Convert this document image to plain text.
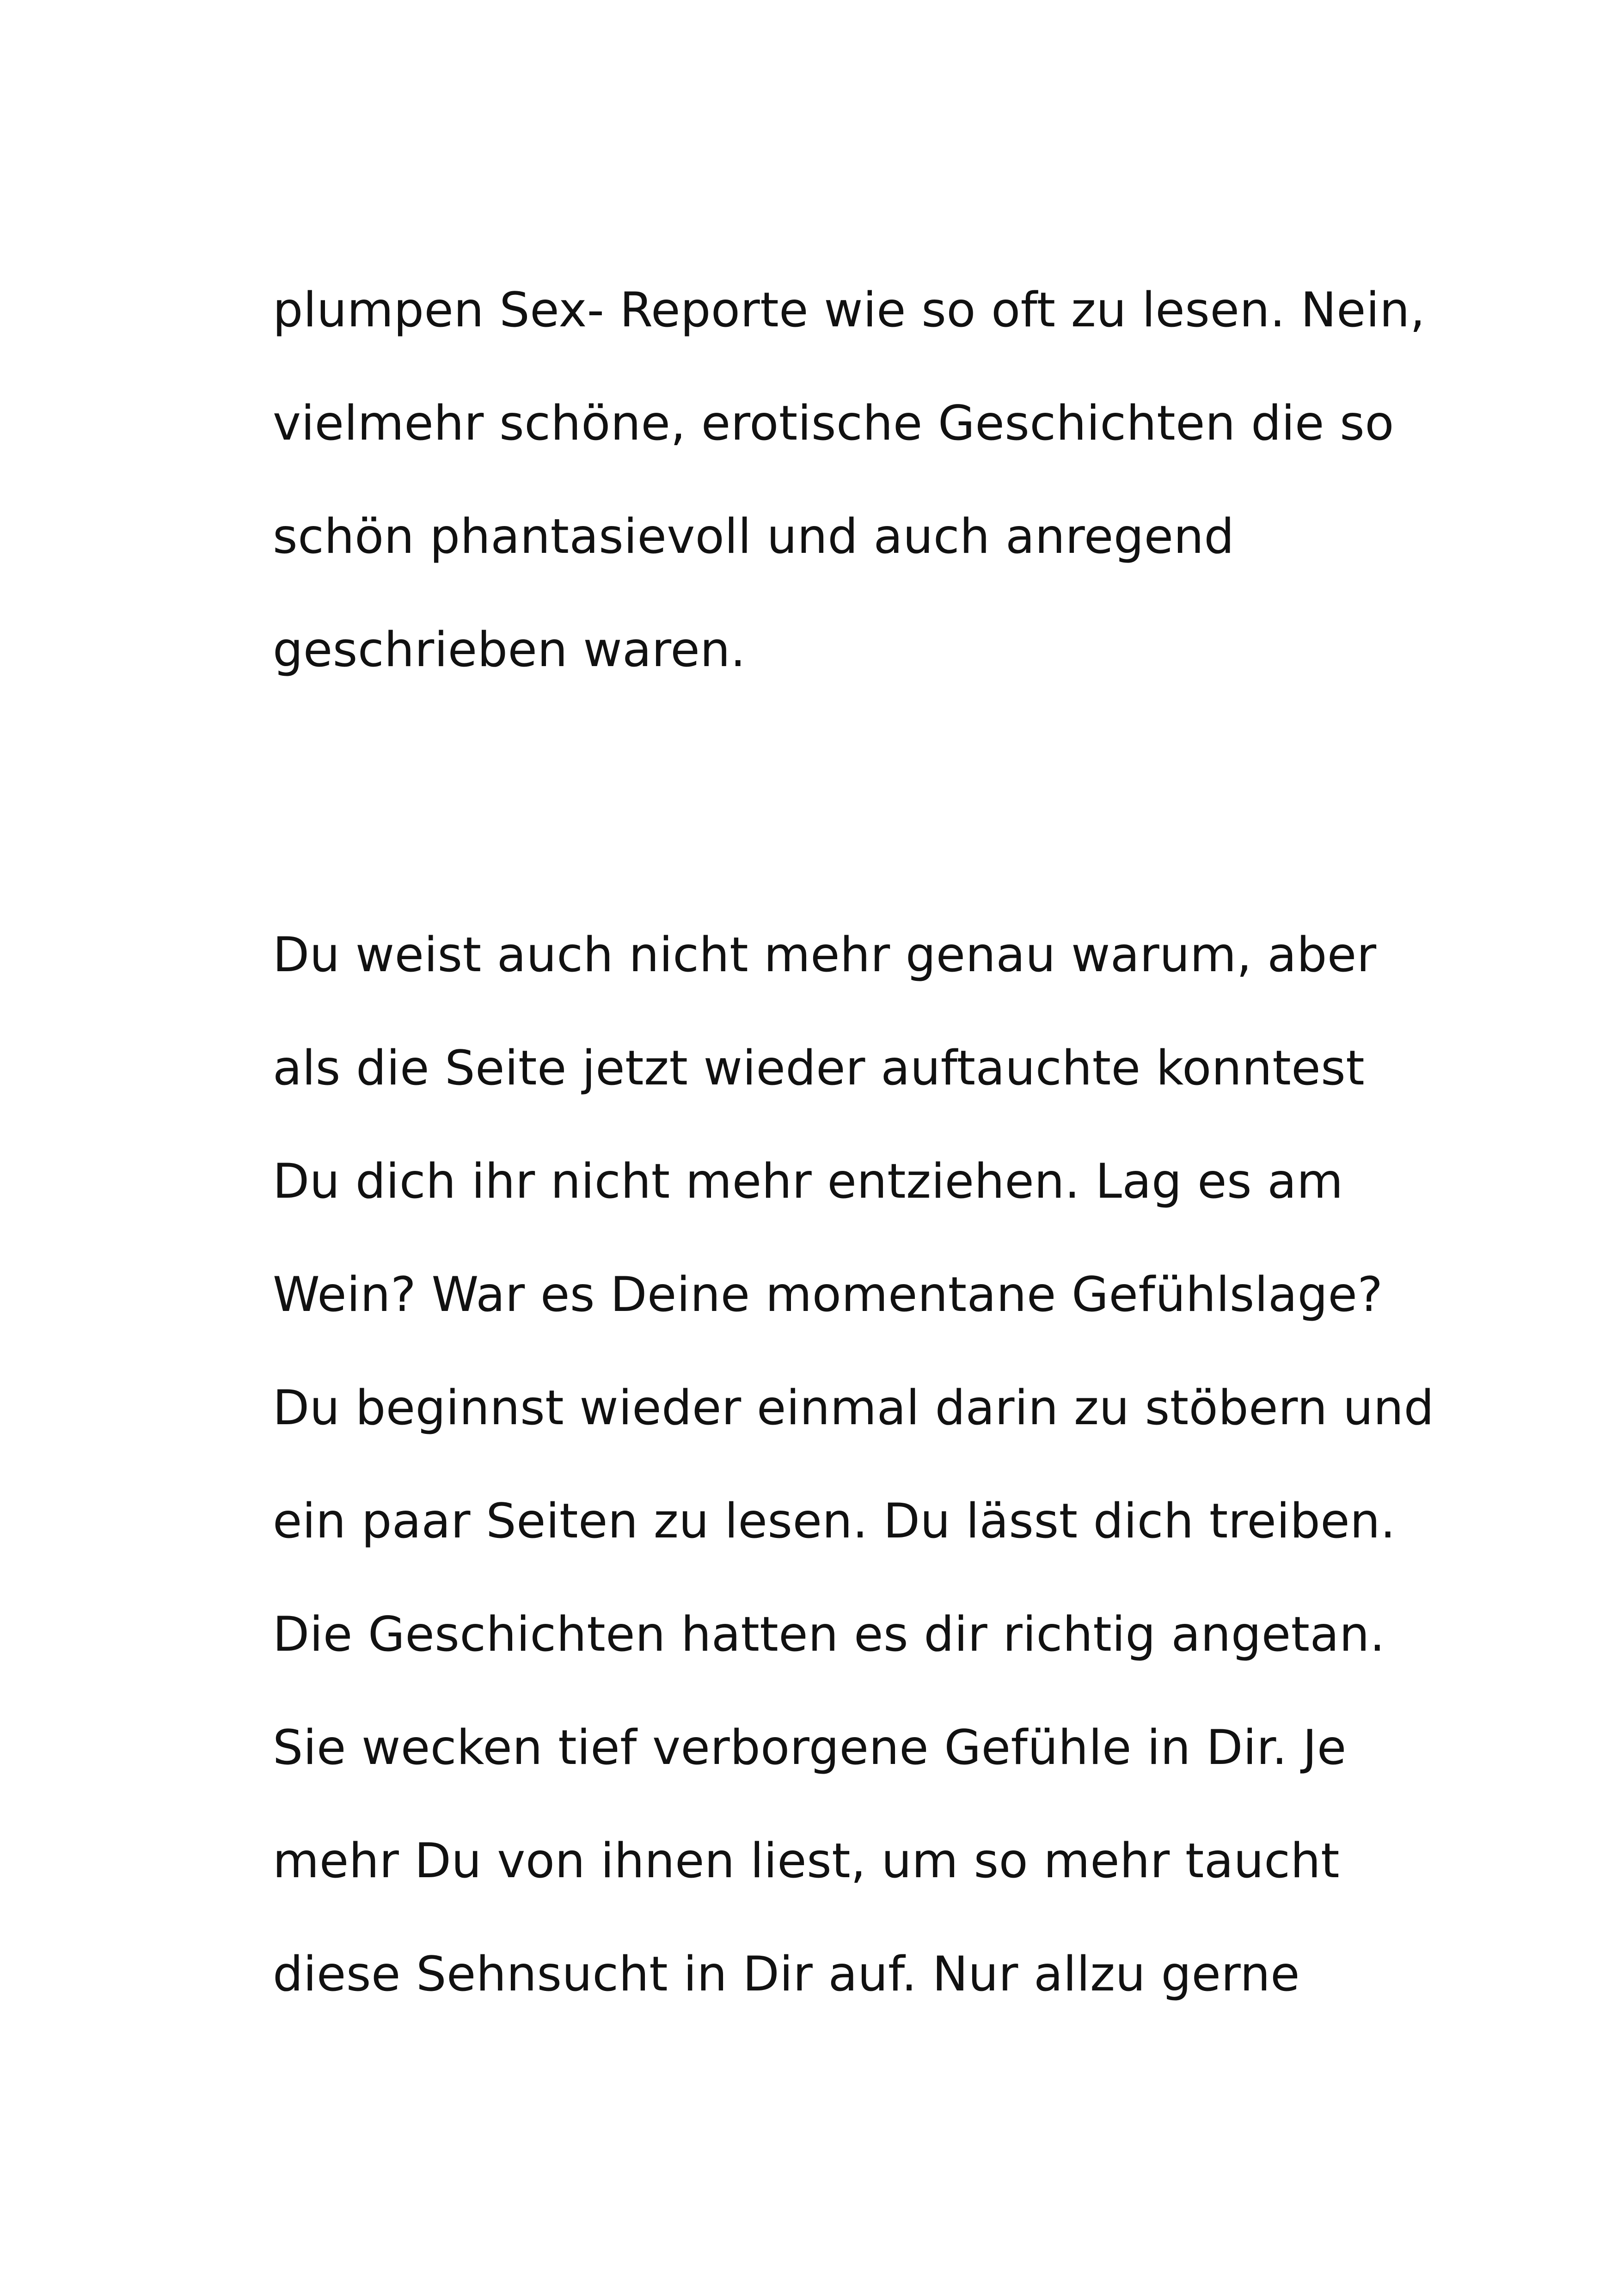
plumpen Sex- Reporte wie so oft zu lesen. Nein,
vielmehr schöne, erotische Geschichten die so
schön phantasievoll und auch anregend
geschrieben waren.
Du weist auch nicht mehr genau warum, aber
als die Seite jetzt wieder auftauchte konntest
Du dich ihr nicht mehr entziehen. Lag es am
Wein? War es Deine momentane Gefühlslage?
Du beginnst wieder einmal darin zu stöbern und
ein paar Seiten zu lesen. Du lässt dich treiben.
Die Geschichten hatten es dir richtig angetan.
Sie wecken tief verborgene Gefühle in Dir. Je
mehr Du von ihnen liest, um so mehr taucht
diese Sehnsucht in Dir auf. Nur allzu gerne
